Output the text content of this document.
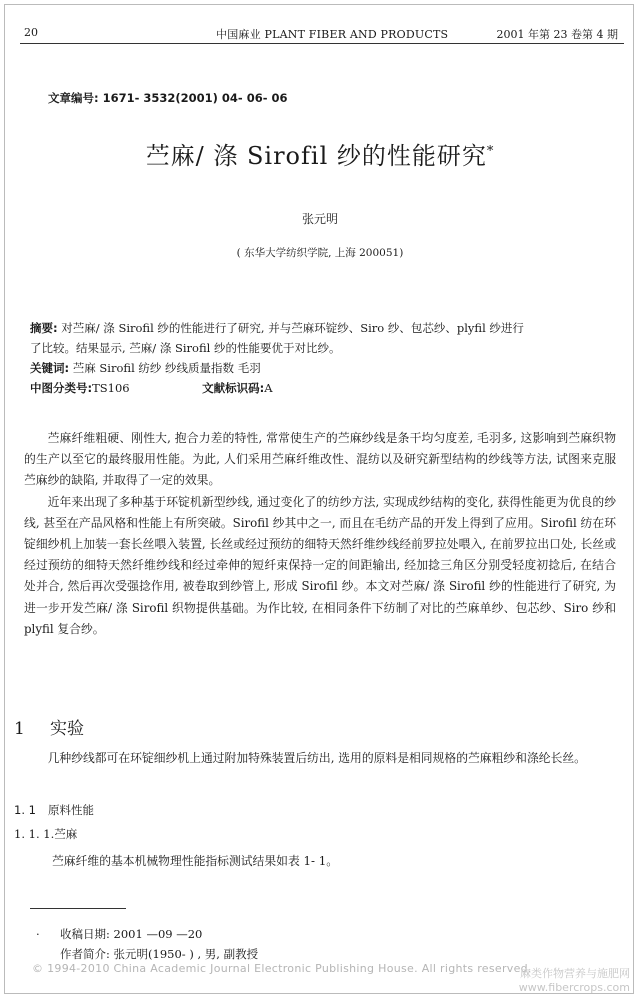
20	中国麻业 PLANT FIBER AND PRODUCTS	2001 年第 23 卷第 4 期
文章编号: 1671- 3532(2001) 04- 06- 06
苎麻/ 涤 Sirofil 纱的性能研究*
张元明
( 东华大学纺织学院, 上海 200051)

摘要: 对苎麻/ 涤 Sirofil 纱的性能进行了研究, 并与苎麻环锭纱、Siro 纱、包芯纱、plyfil 纱进行

了比较。结果显示, 苎麻/ 涤 Sirofil 纱的性能要优于对比纱。

关键词: 苎麻 Sirofil 纺纱 纱线质量指数 毛羽

中图分类号:TS106	文献标识码:A

苎麻纤维粗硬、刚性大, 抱合力差的特性, 常常使生产的苎麻纱线是条干均匀度差, 毛羽多, 这影响到苎麻织物的生产以至它的最终服用性能。为此, 人们采用苎麻纤维改性、混纺以及研究新型结构的纱线等方法, 试图来克服苎麻纱的缺陷, 并取得了一定的效果。

近年来出现了多种基于环锭机新型纱线, 通过变化了的纺纱方法, 实现成纱结构的变化, 获得性能更为优良的纱线, 甚至在产品风格和性能上有所突破。Sirofil 纱其中之一, 而且在毛纺产品的开发上得到了应用。Sirofil 纺在环锭细纱机上加装一套长丝喂入装置, 长丝或经过预纺的细特天然纤维纱线经前罗拉处喂入, 在前罗拉出口处, 长丝或经过预纺的细特天然纤维纱线和经过牵伸的短纤束保持一定的间距输出, 经加捻三角区分别受轻度初捻后, 在结合处并合, 然后再次受强捻作用, 被卷取到纱管上, 形成 Sirofil 纱。本文对苎麻/ 涤 Sirofil 纱的性能进行了研究, 为进一步开发苎麻/ 涤 Sirofil 织物提供基础。为作比较, 在相同条件下纺制了对比的苎麻单纱、包芯纱、Siro 纱和 plyfil 复合纱。

1 实验
几种纱线都可在环锭细纱机上通过附加特殊装置后纺出, 选用的原料是相同规格的苎麻粗纱和涤纶长丝。
1. 1 原料性能
1. 1. 1.苎麻
苎麻纤维的基本机械物理性能指标测试结果如表 1- 1。
· 收稿日期: 2001 —09 —20
作者简介: 张元明(1950- ) , 男, 副教授
© 1994-2010 China Academic Journal Electronic Publishing House. All rights reserved.
麻类作物营养与施肥网
www.fibercrops.com
